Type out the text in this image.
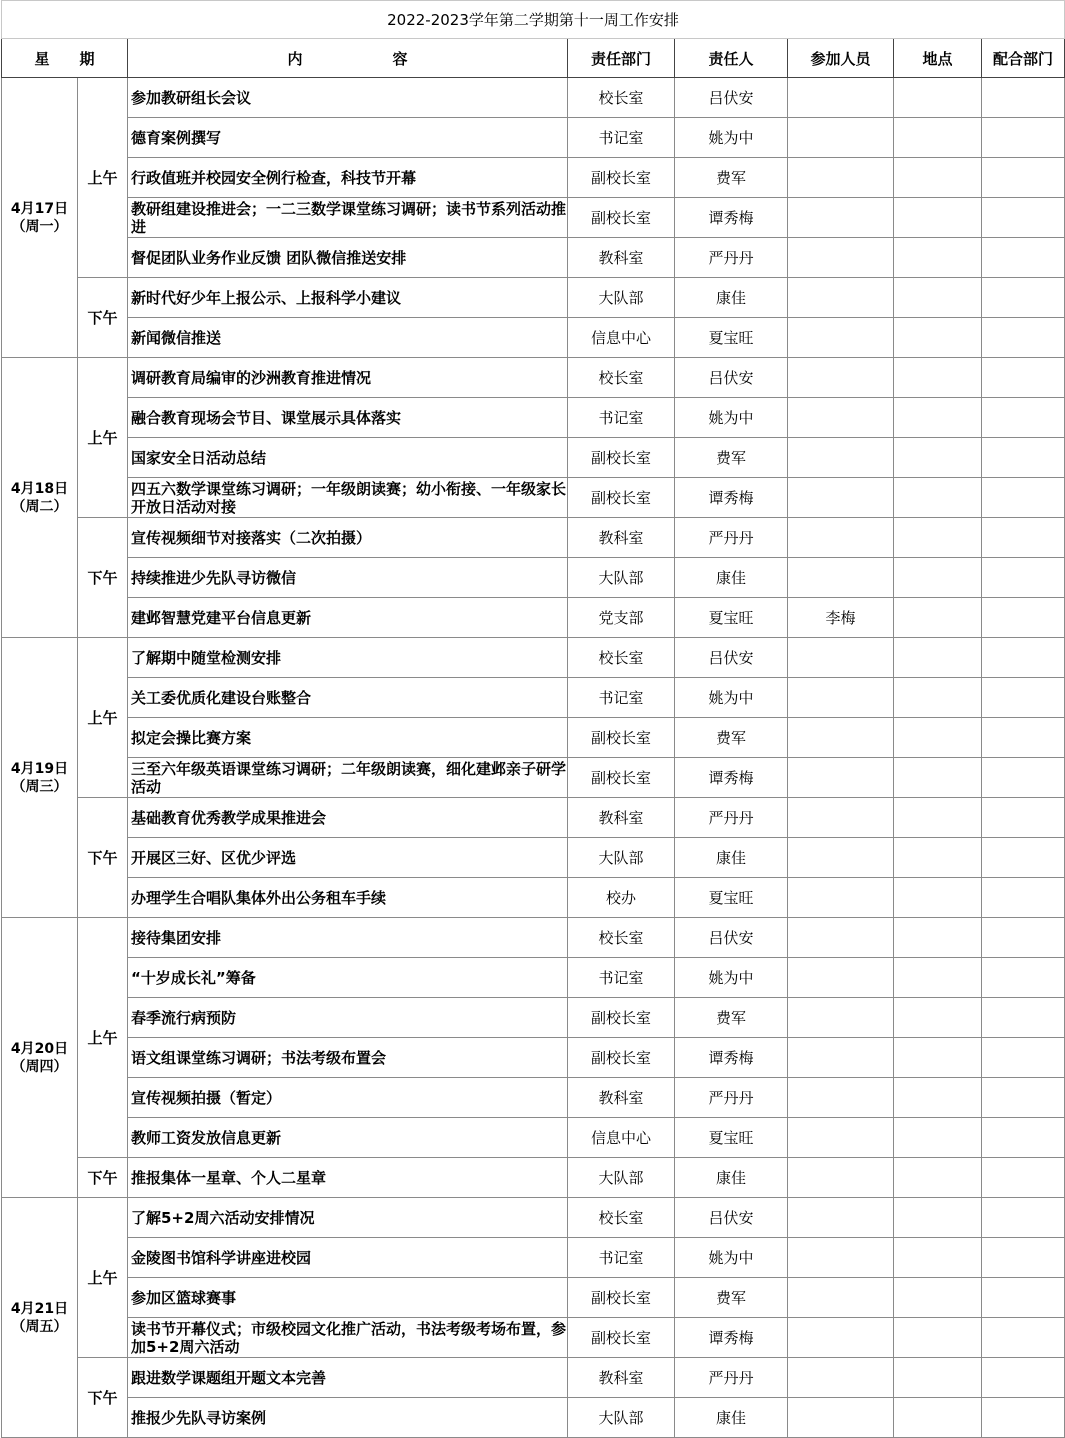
2022-2023学年第二学期第十一周工作安排							
星　　期		内　　　　　　容	责任部门	责任人	参加人员	地点	配合部门

4月17日
（周一）	上午	参加教研组长会议	校长室	吕伏安			
		德育案例撰写	书记室	姚为中			
		行政值班并校园安全例行检查，科技节开幕	副校长室	费军			
		教研组建设推进会；一二三数学课堂练习调研；读书节系列活动推进	副校长室	谭秀梅			
		督促团队业务作业反馈 团队微信推送安排	教科室	严丹丹			
	下午	新时代好少年上报公示、上报科学小建议	大队部	康佳			
		新闻微信推送	信息中心	夏宝旺			

4月18日
（周二）	上午	调研教育局编审的沙洲教育推进情况	校长室	吕伏安			
		融合教育现场会节目、课堂展示具体落实	书记室	姚为中			
		国家安全日活动总结	副校长室	费军			
		四五六数学课堂练习调研；一年级朗读赛；幼小衔接、一年级家长开放日活动对接	副校长室	谭秀梅			
	下午	宣传视频细节对接落实（二次拍摄）	教科室	严丹丹			
		持续推进少先队寻访微信	大队部	康佳			
		建邺智慧党建平台信息更新	党支部	夏宝旺	李梅		

4月19日
（周三）	上午	了解期中随堂检测安排	校长室	吕伏安			
		关工委优质化建设台账整合	书记室	姚为中			
		拟定会操比赛方案	副校长室	费军			
		三至六年级英语课堂练习调研；二年级朗读赛，细化建邺亲子研学活动	副校长室	谭秀梅			
	下午	基础教育优秀教学成果推进会	教科室	严丹丹			
		开展区三好、区优少评选	大队部	康佳			
		办理学生合唱队集体外出公务租车手续	校办	夏宝旺			

4月20日
（周四）	上午	接待集团安排	校长室	吕伏安			
		“十岁成长礼”筹备	书记室	姚为中			
		春季流行病预防	副校长室	费军			
		语文组课堂练习调研；书法考级布置会	副校长室	谭秀梅			
		宣传视频拍摄（暂定）	教科室	严丹丹			
		教师工资发放信息更新	信息中心	夏宝旺			
	下午	推报集体一星章、个人二星章	大队部	康佳			

4月21日
（周五）	上午	了解5+2周六活动安排情况	校长室	吕伏安			
		金陵图书馆科学讲座进校园	书记室	姚为中			
		参加区篮球赛事	副校长室	费军			
		读书节开幕仪式；市级校园文化推广活动，书法考级考场布置，参加5+2周六活动	副校长室	谭秀梅			
	下午	跟进数学课题组开题文本完善	教科室	严丹丹			
		推报少先队寻访案例	大队部	康佳			
